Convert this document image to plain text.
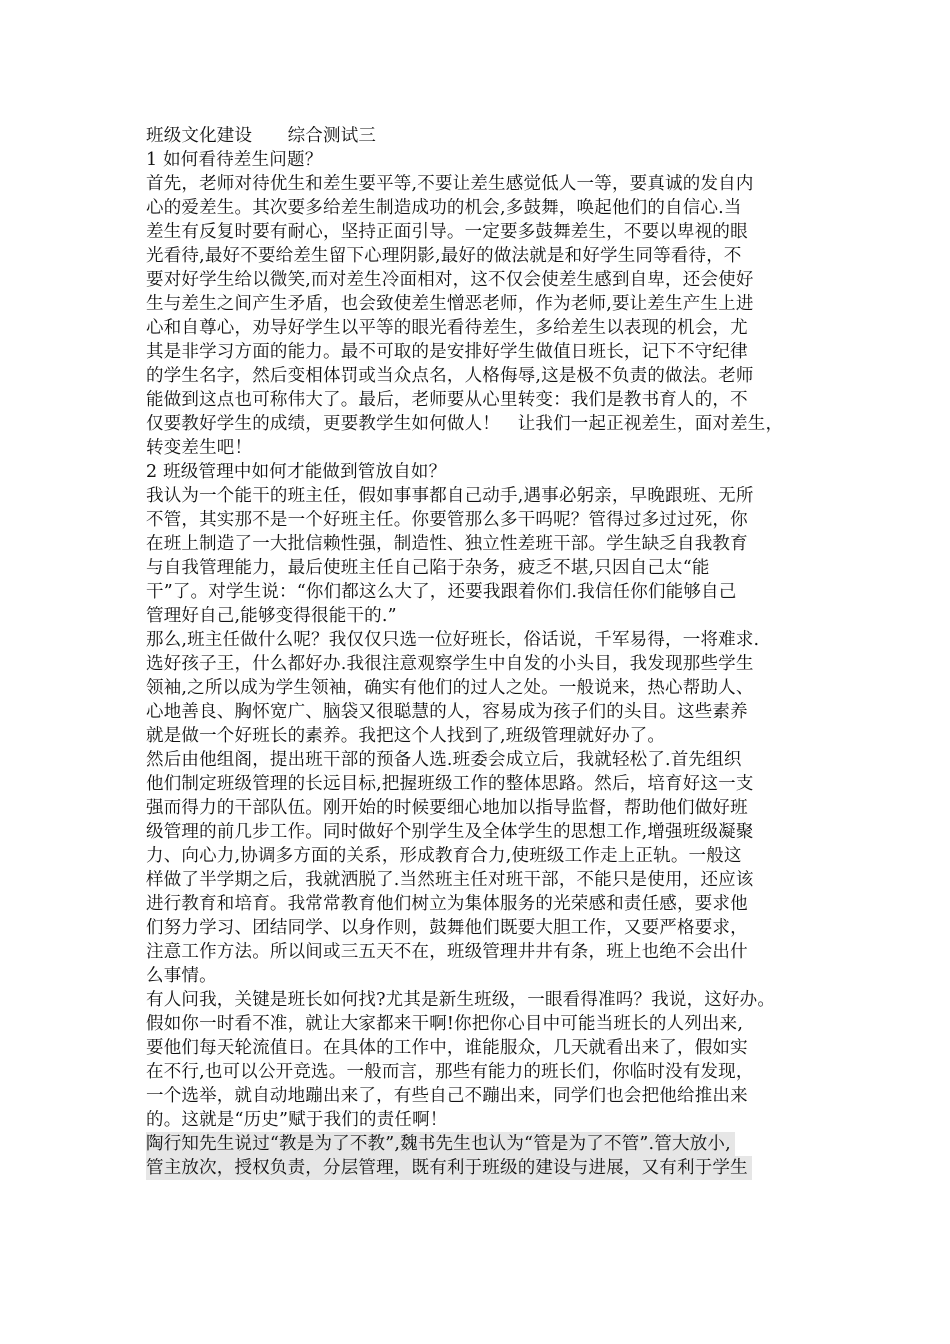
班级文化建设　　综合测试三
1 如何看待差生问题？
首先，老师对待优生和差生要平等,不要让差生感觉低人一等，要真诚的发自内
心的爱差生。其次要多给差生制造成功的机会,多鼓舞，唤起他们的自信心.当
差生有反复时要有耐心，坚持正面引导。一定要多鼓舞差生，不要以卑视的眼
光看待,最好不要给差生留下心理阴影,最好的做法就是和好学生同等看待，不
要对好学生给以微笑,而对差生冷面相对，这不仅会使差生感到自卑，还会使好
生与差生之间产生矛盾，也会致使差生憎恶老师，作为老师,要让差生产生上进
心和自尊心，劝导好学生以平等的眼光看待差生，多给差生以表现的机会，尤
其是非学习方面的能力。最不可取的是安排好学生做值日班长，记下不守纪律
的学生名字，然后变相体罚或当众点名，人格侮辱,这是极不负责的做法。老师
能做到这点也可称伟大了。最后，老师要从心里转变：我们是教书育人的，不
仅要教好学生的成绩，更要教学生如何做人！　让我们一起正视差生，面对差生，
转变差生吧！
2 班级管理中如何才能做到管放自如？
我认为一个能干的班主任，假如事事都自己动手,遇事必躬亲，早晚跟班、无所
不管，其实那不是一个好班主任。你要管那么多干吗呢？管得过多过过死，你
在班上制造了一大批信赖性强，制造性、独立性差班干部。学生缺乏自我教育
与自我管理能力，最后使班主任自己陷于杂务，疲乏不堪,只因自己太“能
干”了。对学生说：“你们都这么大了，还要我跟着你们.我信任你们能够自己
管理好自己,能够变得很能干的.”
那么,班主任做什么呢？我仅仅只选一位好班长，俗话说，千军易得，一将难求.
选好孩子王，什么都好办.我很注意观察学生中自发的小头目，我发现那些学生
领袖,之所以成为学生领袖，确实有他们的过人之处。一般说来，热心帮助人、
心地善良、胸怀宽广、脑袋又很聪慧的人，容易成为孩子们的头目。这些素养
就是做一个好班长的素养。我把这个人找到了,班级管理就好办了。
然后由他组阁，提出班干部的预备人选.班委会成立后，我就轻松了.首先组织
他们制定班级管理的长远目标,把握班级工作的整体思路。然后，培育好这一支
强而得力的干部队伍。刚开始的时候要细心地加以指导监督，帮助他们做好班
级管理的前几步工作。同时做好个别学生及全体学生的思想工作,增强班级凝聚
力、向心力,协调多方面的关系，形成教育合力,使班级工作走上正轨。一般这
样做了半学期之后，我就洒脱了.当然班主任对班干部，不能只是使用，还应该
进行教育和培育。我常常教育他们树立为集体服务的光荣感和责任感，要求他
们努力学习、团结同学、以身作则，鼓舞他们既要大胆工作，又要严格要求，
注意工作方法。所以间或三五天不在，班级管理井井有条，班上也绝不会出什
么事情。
有人问我，关键是班长如何找?尤其是新生班级，一眼看得准吗？我说，这好办。
假如你一时看不准，就让大家都来干啊!你把你心目中可能当班长的人列出来,
要他们每天轮流值日。在具体的工作中，谁能服众，几天就看出来了，假如实
在不行,也可以公开竞选。一般而言，那些有能力的班长们，你临时没有发现，
一个选举，就自动地蹦出来了，有些自己不蹦出来，同学们也会把他给推出来
的。这就是“历史”赋于我们的责任啊！
陶行知先生说过“教是为了不教”,魏书先生也认为“管是为了不管”.管大放小,
管主放次，授权负责，分层管理，既有利于班级的建设与进展，又有利于学生
